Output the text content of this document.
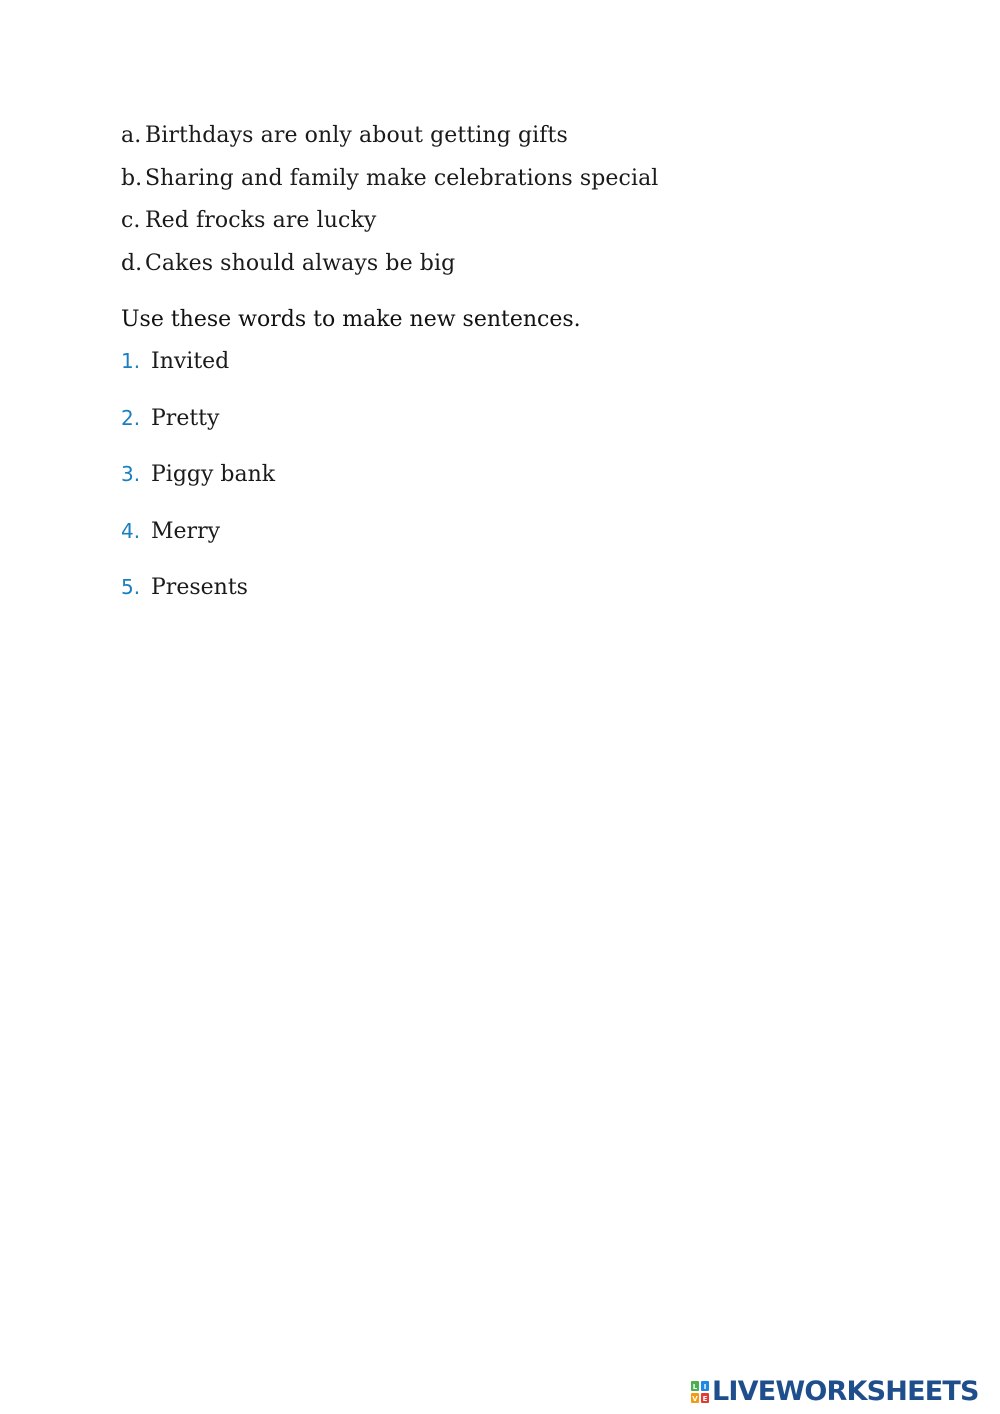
a. Birthdays are only about getting gifts
b. Sharing and family make celebrations special
c. Red frocks are lucky
d. Cakes should always be big
Use these words to make new sentences.
1. Invited
2. Pretty
3. Piggy bank
4. Merry
5. Presents
L I
V E LIVEWORKSHEETS
